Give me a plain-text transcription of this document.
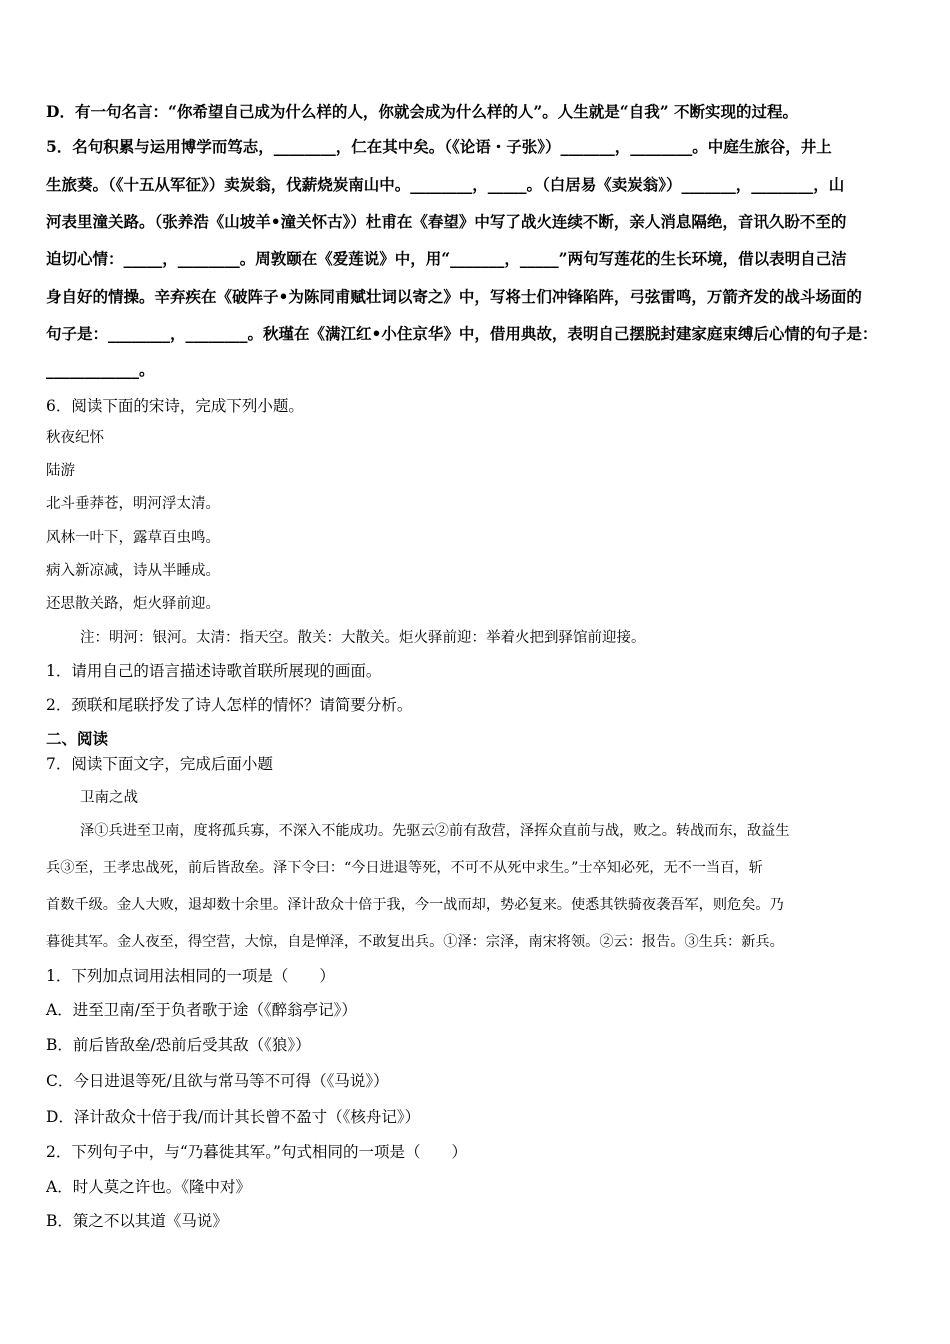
D．有一句名言：“你希望自己成为什么样的人，你就会成为什么样的人”。人生就是“自我” 不断实现的过程。
5．名句积累与运用博学而笃志，________，仁在其中矣。（《论语・子张》）_______，________。中庭生旅谷，井上
生旅葵。（《十五从军征》）卖炭翁，伐薪烧炭南山中。________，_____。（白居易《卖炭翁》）_______，________，山
河表里潼关路。（张养浩《山坡羊•潼关怀古》）杜甫在《春望》中写了战火连续不断，亲人消息隔绝，音讯久盼不至的
迫切心情：_____，________。周敦颐在《爱莲说》中，用“_______，_____”两句写莲花的生长环境，借以表明自己洁
身自好的情操。辛弃疾在《破阵子•为陈同甫赋壮词以寄之》中，写将士们冲锋陷阵，弓弦雷鸣，万箭齐发的战斗场面的
句子是：________，________。秋瑾在《满江红•小住京华》中，借用典故，表明自己摆脱封建家庭束缚后心情的句子是：
____________。
6．阅读下面的宋诗，完成下列小题。
秋夜纪怀
陆游
北斗垂莽苍，明河浮太清。
风林一叶下，露草百虫鸣。
病入新凉减，诗从半睡成。
还思散关路，炬火驿前迎。
注：明河：银河。太清：指天空。散关：大散关。炬火驿前迎：举着火把到驿馆前迎接。
1．请用自己的语言描述诗歌首联所展现的画面。
2．颈联和尾联抒发了诗人怎样的情怀？请简要分析。
二、阅读
7．阅读下面文字，完成后面小题
卫南之战
泽①兵进至卫南，度将孤兵寡，不深入不能成功。先驱云②前有敌营，泽挥众直前与战，败之。转战而东，敌益生
兵③至，王孝忠战死，前后皆敌垒。泽下令曰：“今日进退等死，不可不从死中求生。”士卒知必死，无不一当百，斩
首数千级。金人大败，退却数十余里。泽计敌众十倍于我，今一战而却，势必复来。使悉其铁骑夜袭吾军，则危矣。乃
暮徙其军。金人夜至，得空营，大惊，自是惮泽，不敢复出兵。①泽：宗泽，南宋将领。②云：报告。③生兵：新兵。
1．下列加点词用法相同的一项是（　　）
A．进至卫南/至于负者歌于途（《醉翁亭记》）
B．前后皆敌垒/恐前后受其敌（《狼》）
C．今日进退等死/且欲与常马等不可得（《马说》）
D．泽计敌众十倍于我/而计其长曾不盈寸（《核舟记》）
2．下列句子中，与“乃暮徙其军。”句式相同的一项是（　　）
A．时人莫之许也。《隆中对》
B．策之不以其道《马说》
